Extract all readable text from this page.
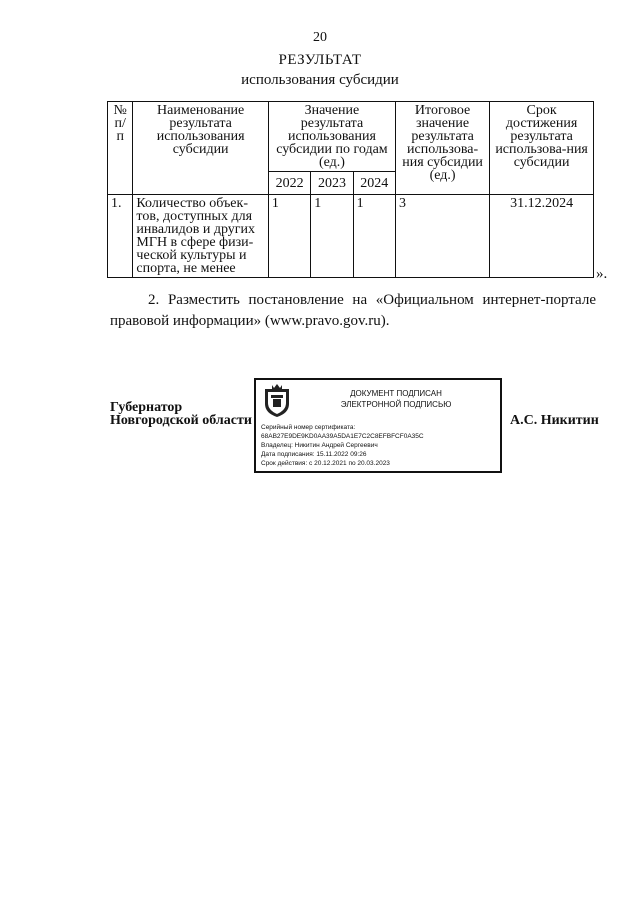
20
РЕЗУЛЬТАТ
использования субсидии
№ п/п	Наименование результата использования субсидии	Значение результата использования субсидии по годам (ед.)			Итоговое значение результата использова-ния субсидии (ед.)	Срок достижения результата использова-ния субсидии
		2022	2023	2024		
1.	Количество объек-тов, доступных для инвалидов и других МГН в сфере физи-ческой культуры и спорта, не менее	1	1	1	3	31.12.2024
».
2. Разместить постановление на «Официальном интернет-портале правовой информации» (www.pravo.gov.ru).
Губернатор Новгородской области	А.С. Никитин
ДОКУМЕНТ ПОДПИСАН
ЭЛЕКТРОННОЙ ПОДПИСЬЮ
Серийный номер сертификата:
68AB27E9DE9KD0AA39A5DA1E7C2C8EFBFCF0A35C
Владелец: Никитин Андрей Сергеевич
Дата подписания: 15.11.2022 09:26
Срок действия: с 20.12.2021 по 20.03.2023
